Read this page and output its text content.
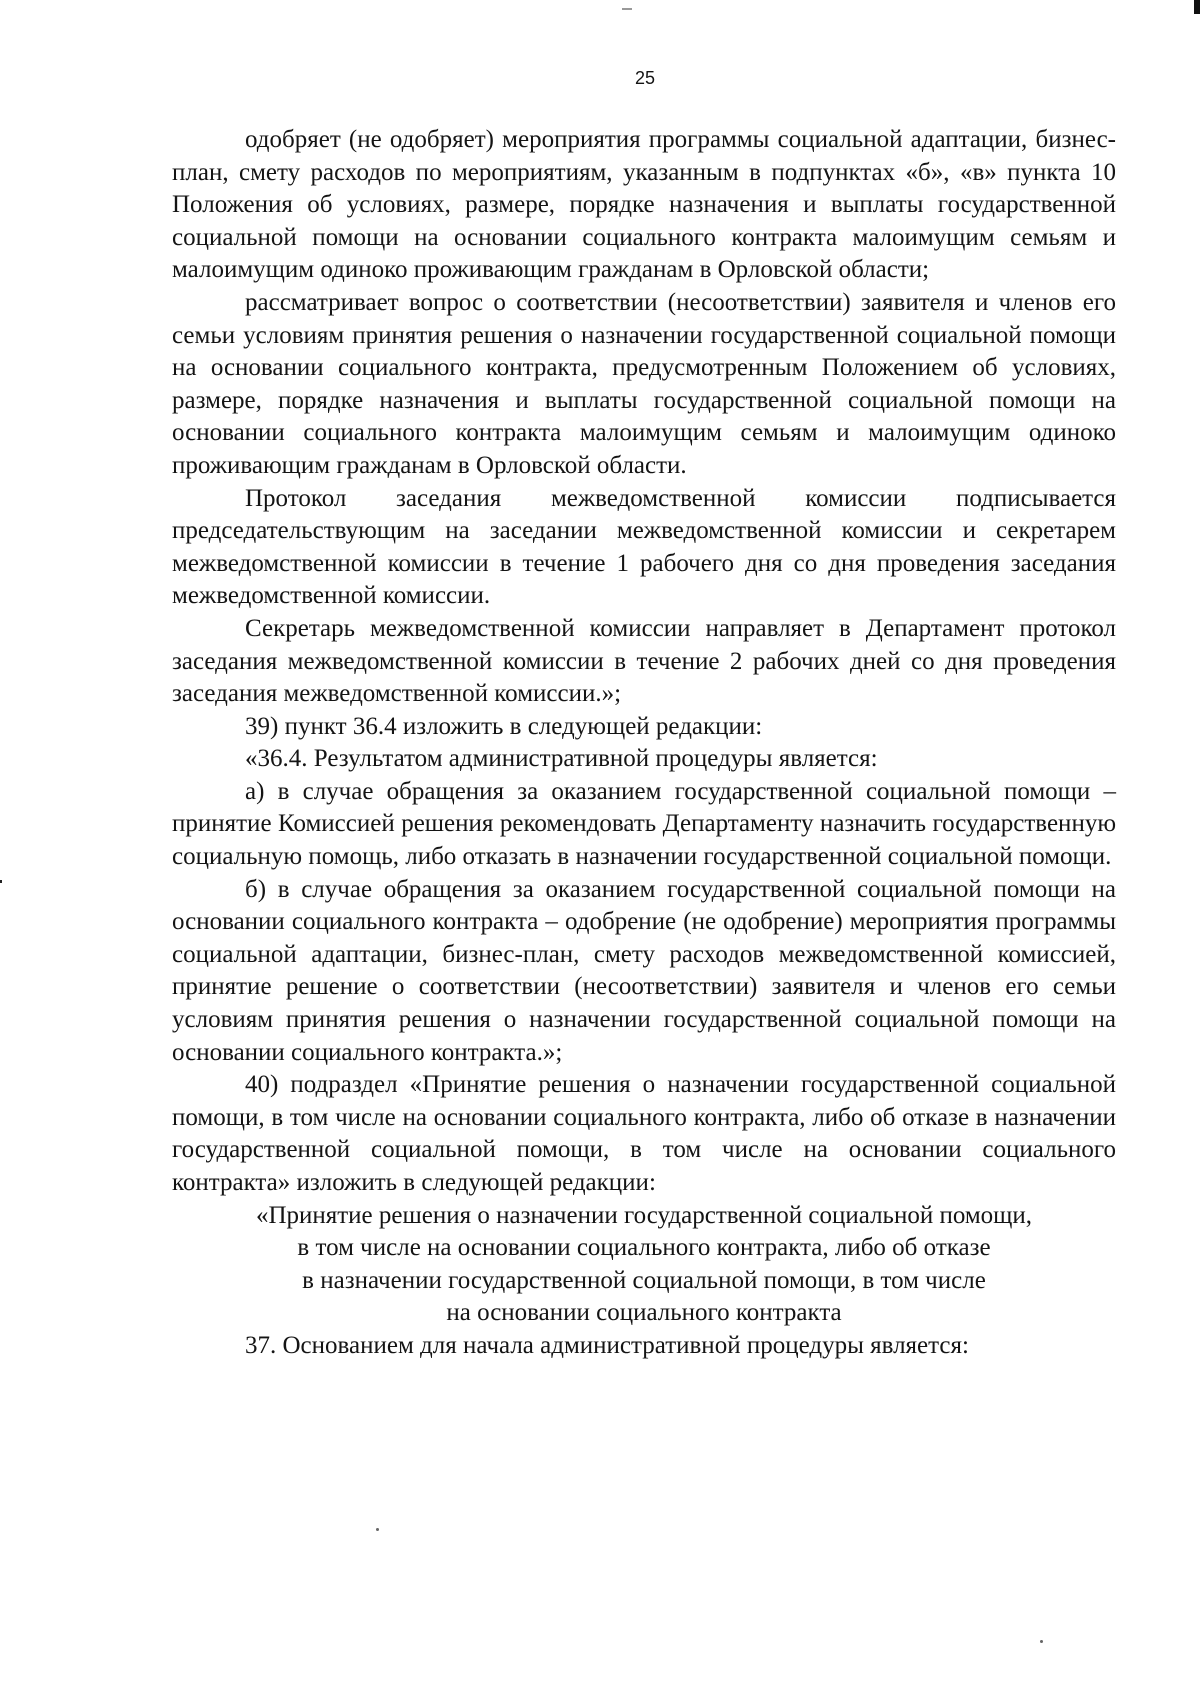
25

одобряет (не одобряет) мероприятия программы социальной адаптации, бизнес-план, смету расходов по мероприятиям, указанным в подпунктах «б», «в» пункта 10 Положения об условиях, размере, порядке назначения и выплаты государственной социальной помощи на основании социального контракта малоимущим семьям и малоимущим одиноко проживающим гражданам в Орловской области;

рассматривает вопрос о соответствии (несоответствии) заявителя и членов его семьи условиям принятия решения о назначении государственной социальной помощи на основании социального контракта, предусмотренным Положением об условиях, размере, порядке назначения и выплаты государственной социальной помощи на основании социального контракта малоимущим семьям и малоимущим одиноко проживающим гражданам в Орловской области.

Протокол заседания межведомственной комиссии подписывается председательствующим на заседании межведомственной комиссии и секретарем межведомственной комиссии в течение 1 рабочего дня со дня проведения заседания межведомственной комиссии.

Секретарь межведомственной комиссии направляет в Департамент протокол заседания межведомственной комиссии в течение 2 рабочих дней со дня проведения заседания межведомственной комиссии.»;

39) пункт 36.4 изложить в следующей редакции:

«36.4. Результатом административной процедуры является:

а) в случае обращения за оказанием государственной социальной помощи – принятие Комиссией решения рекомендовать Департаменту назначить государственную социальную помощь, либо отказать в назначении государственной социальной помощи.

б) в случае обращения за оказанием государственной социальной помощи на основании социального контракта – одобрение (не одобрение) мероприятия программы социальной адаптации, бизнес-план, смету расходов межведомственной комиссией, принятие решение о соответствии (несоответствии) заявителя и членов его семьи условиям принятия решения о назначении государственной социальной помощи на основании социального контракта.»;

40) подраздел «Принятие решения о назначении государственной социальной помощи, в том числе на основании социального контракта, либо об отказе в назначении государственной социальной помощи, в том числе на основании социального контракта» изложить в следующей редакции:

«Принятие решения о назначении государственной социальной помощи,

в том числе на основании социального контракта, либо об отказе

в назначении государственной социальной помощи, в том числе

на основании социального контракта

37. Основанием для начала административной процедуры является:
